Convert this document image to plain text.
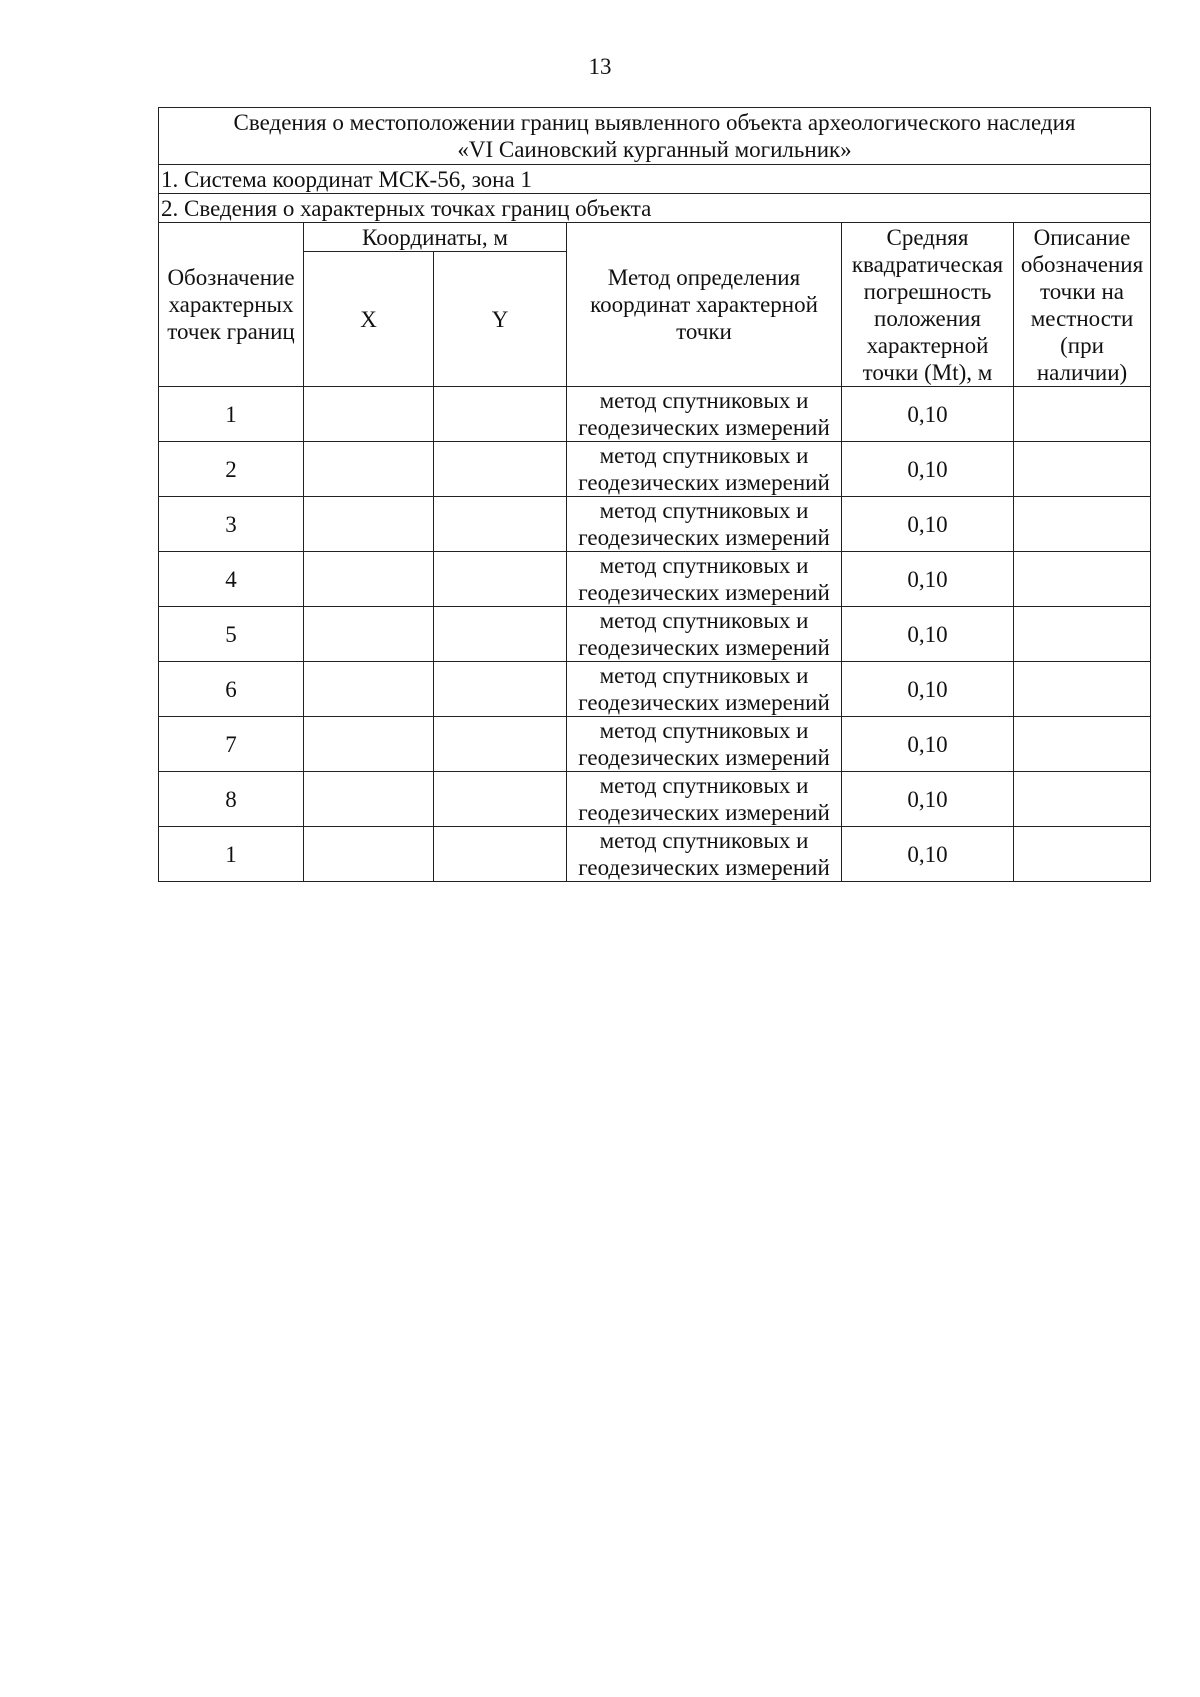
13
Сведения о местоположении границ выявленного объекта археологического наследия
«VI Саиновский курганный могильник»					

1. Система координат МСК-56, зона 1					
2. Сведения о характерных точках границ объекта					
Обозначение характерных точек границ	Координаты, м		Метод определения координат характерной точки	Средняя квадратическая погрешность положения характерной точки (Mt), м	Описание обозначения точки на местности (при наличии)
	X	Y			
1			метод спутниковых и геодезических измерений	0,10	
2			метод спутниковых и геодезических измерений	0,10	
3			метод спутниковых и геодезических измерений	0,10	
4			метод спутниковых и геодезических измерений	0,10	
5			метод спутниковых и геодезических измерений	0,10	
6			метод спутниковых и геодезических измерений	0,10	
7			метод спутниковых и геодезических измерений	0,10	
8			метод спутниковых и геодезических измерений	0,10	
1			метод спутниковых и геодезических измерений	0,10	
